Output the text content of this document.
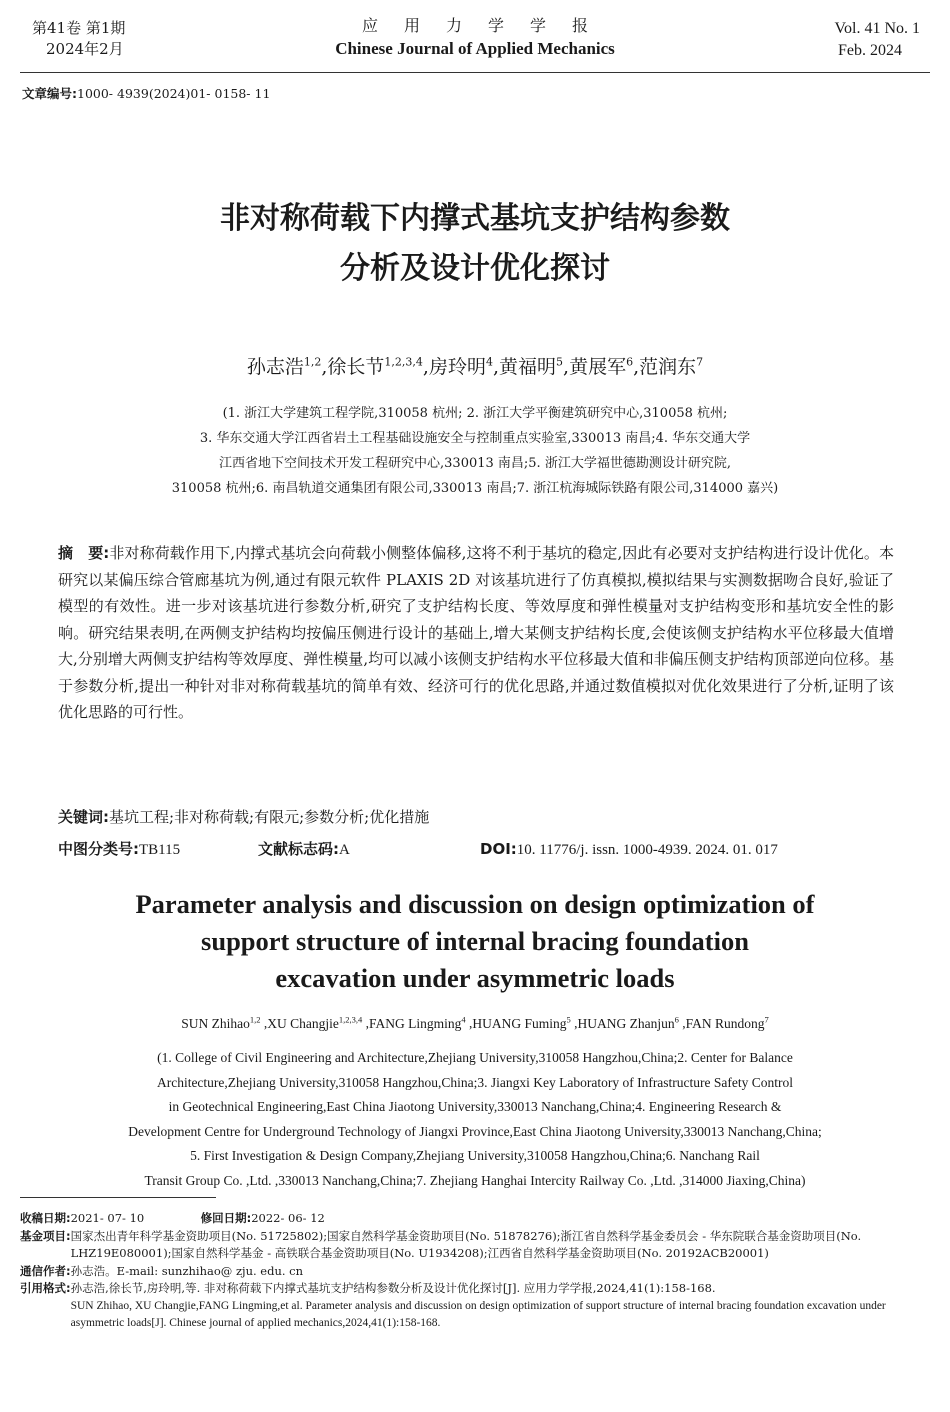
第41卷 第1期
2024年2月
应用力学学报
Chinese Journal of Applied Mechanics
Vol. 41 No. 1
Feb. 2024
文章编号:1000- 4939(2024)01- 0158- 11
非对称荷载下内撑式基坑支护结构参数
分析及设计优化探讨
孙志浩$^{1,2}$,徐长节$^{1,2,3,4}$,房玲明$^4$,黄福明$^5$,黄展军$^6$,范润东$^7$
(1. 浙江大学建筑工程学院,310058 杭州; 2. 浙江大学平衡建筑研究中心,310058 杭州;
3. 华东交通大学江西省岩土工程基础设施安全与控制重点实验室,330013 南昌;4. 华东交通大学
江西省地下空间技术开发工程研究中心,330013 南昌;5. 浙江大学福世德勘测设计研究院,
310058 杭州;6. 南昌轨道交通集团有限公司,330013 南昌;7. 浙江杭海城际铁路有限公司,314000 嘉兴)
摘　要:非对称荷载作用下,内撑式基坑会向荷载小侧整体偏移,这将不利于基坑的稳定,因此有必要对支护结构进行设计优化。本研究以某偏压综合管廊基坑为例,通过有限元软件 PLAXIS 2D 对该基坑进行了仿真模拟,模拟结果与实测数据吻合良好,验证了模型的有效性。进一步对该基坑进行参数分析,研究了支护结构长度、等效厚度和弹性模量对支护结构变形和基坑安全性的影响。研究结果表明,在两侧支护结构均按偏压侧进行设计的基础上,增大某侧支护结构长度,会使该侧支护结构水平位移最大值增大,分别增大两侧支护结构等效厚度、弹性模量,均可以减小该侧支护结构水平位移最大值和非偏压侧支护结构顶部逆向位移。基于参数分析,提出一种针对非对称荷载基坑的简单有效、经济可行的优化思路,并通过数值模拟对优化效果进行了分析,证明了该优化思路的可行性。
关键词:基坑工程;非对称荷载;有限元;参数分析;优化措施
中图分类号:TB115	文献标志码:A	DOI:10. 11776/j. issn. 1000-4939. 2024. 01. 017
Parameter analysis and discussion on design optimization of
support structure of internal bracing foundation
excavation under asymmetric loads
SUN Zhihao$^{1,2}$ ,XU Changjie$^{1,2,3,4}$ ,FANG Lingming$^4$ ,HUANG Fuming$^5$ ,HUANG Zhanjun$^6$ ,FAN Rundong$^7$
(1. College of Civil Engineering and Architecture,Zhejiang University,310058 Hangzhou,China;2. Center for Balance
Architecture,Zhejiang University,310058 Hangzhou,China;3. Jiangxi Key Laboratory of Infrastructure Safety Control
in Geotechnical Engineering,East China Jiaotong University,330013 Nanchang,China;4. Engineering Research &
Development Centre for Underground Technology of Jiangxi Province,East China Jiaotong University,330013 Nanchang,China;
5. First Investigation & Design Company,Zhejiang University,310058 Hangzhou,China;6. Nanchang Rail
Transit Group Co. ,Ltd. ,330013 Nanchang,China;7. Zhejiang Hanghai Intercity Railway Co. ,Ltd. ,314000 Jiaxing,China)
收稿日期: 2021- 07- 10	修回日期: 2022- 06- 12
基金项目: 国家杰出青年科学基金资助项目(No. 51725802);国家自然科学基金资助项目(No. 51878276);浙江省自然科学基金委员会 - 华东院联合基金资助项目(No. LHZ19E080001);国家自然科学基金 - 高铁联合基金资助项目(No. U1934208);江西省自然科学基金资助项目(No. 20192ACB20001)
通信作者: 孙志浩。E-mail: sunzhihao@ zju. edu. cn
引用格式: 孙志浩,徐长节,房玲明,等. 非对称荷载下内撑式基坑支护结构参数分析及设计优化探讨[J]. 应用力学学报,2024,41(1):158-168.
SUN Zhihao, XU Changjie,FANG Lingming,et al. Parameter analysis and discussion on design optimization of support structure of internal bracing foundation excavation under asymmetric loads[J]. Chinese journal of applied mechanics,2024,41(1):158-168.
